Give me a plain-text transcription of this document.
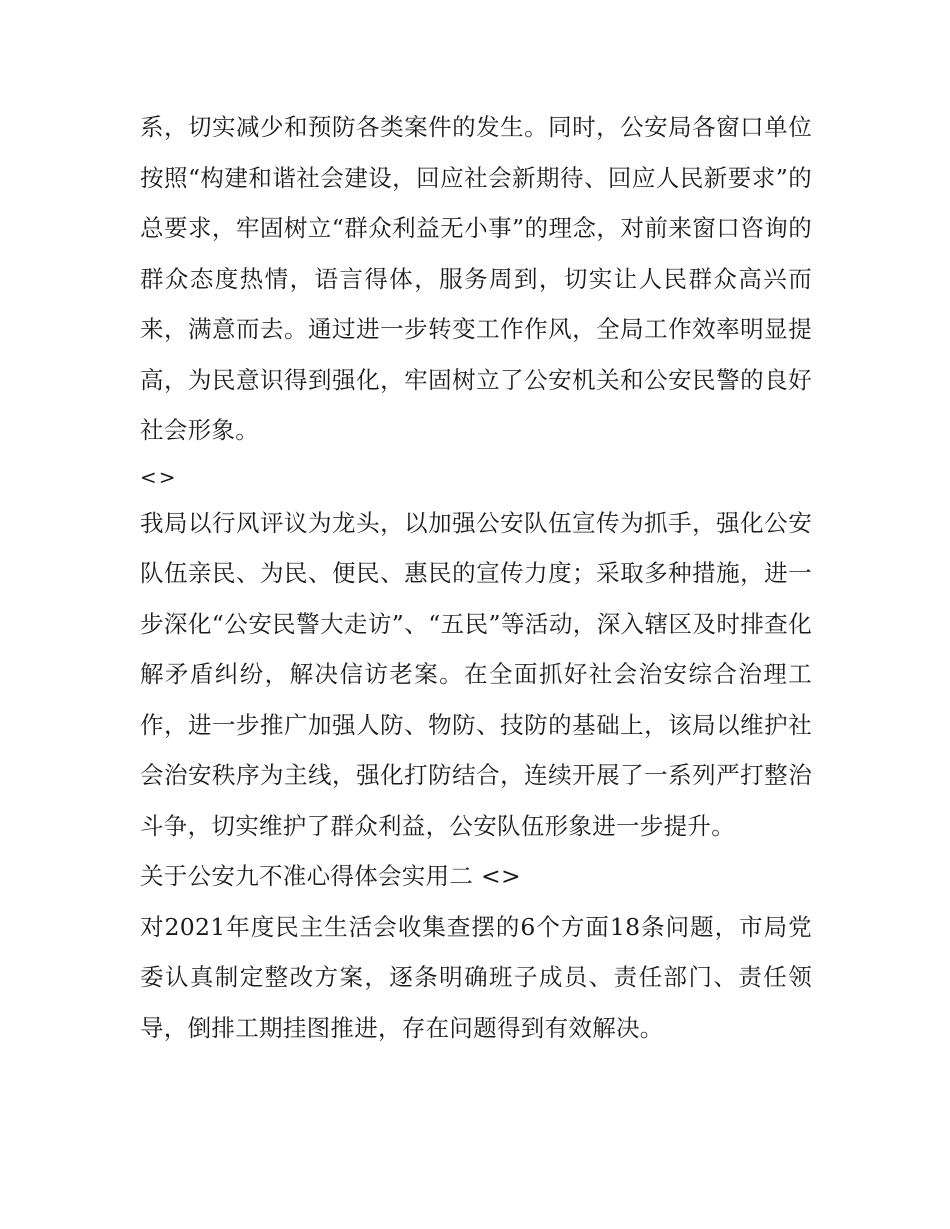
系，切实减少和预防各类案件的发生。同时，公安局各窗口单位按照“构建和谐社会建设，回应社会新期待、回应人民新要求”的总要求，牢固树立“群众利益无小事”的理念，对前来窗口咨询的群众态度热情，语言得体，服务周到，切实让人民群众高兴而来，满意而去。通过进一步转变工作作风，全局工作效率明显提高，为民意识得到强化，牢固树立了公安机关和公安民警的良好社会形象。

<>

我局以行风评议为龙头，以加强公安队伍宣传为抓手，强化公安队伍亲民、为民、便民、惠民的宣传力度；采取多种措施，进一步深化“公安民警大走访”、“五民”等活动，深入辖区及时排查化解矛盾纠纷，解决信访老案。在全面抓好社会治安综合治理工作，进一步推广加强人防、物防、技防的基础上，该局以维护社会治安秩序为主线，强化打防结合，连续开展了一系列严打整治斗争，切实维护了群众利益，公安队伍形象进一步提升。

关于公安九不准心得体会实用二 <>

对2021年度民主生活会收集查摆的6个方面18条问题，市局党委认真制定整改方案，逐条明确班子成员、责任部门、责任领导，倒排工期挂图推进，存在问题得到有效解决。
